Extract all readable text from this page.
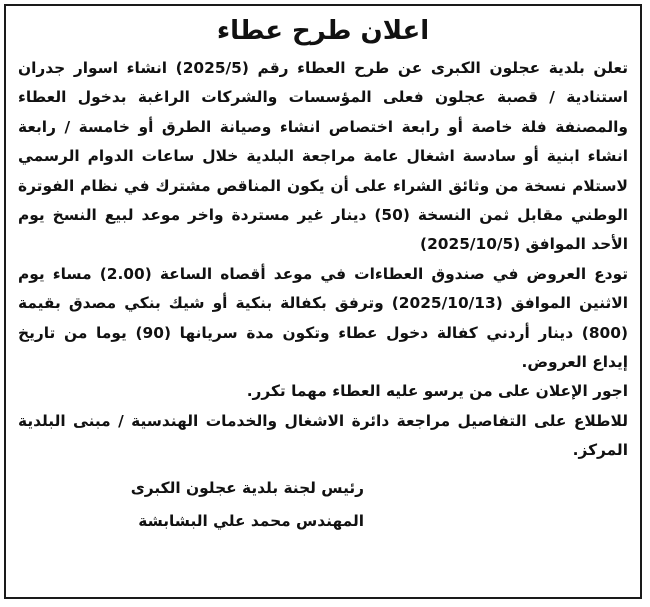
اعلان طرح عطاء

تعلن بلدية عجلون الكبرى عن طرح العطاء رقم (2025/5) انشاء اسوار جدران استنادية / قصبة عجلون فعلى المؤسسات والشركات الراغبة بدخول العطاء والمصنفة فلة خاصة أو رابعة اختصاص انشاء وصيانة الطرق أو خامسة / رابعة انشاء ابنية أو سادسة اشغال عامة مراجعة البلدية خلال ساعات الدوام الرسمي لاستلام نسخة من وثائق الشراء على أن يكون المناقص مشترك في نظام الفوترة الوطني مقابل ثمن النسخة (50) دينار غير مستردة واخر موعد لبيع النسخ يوم الأحد الموافق (2025/10/5)

تودع العروض في صندوق العطاءات في موعد أقصاه الساعة (2.00) مساء يوم الاثنين الموافق (2025/10/13) وترفق بكفالة بنكية أو شيك بنكي مصدق بقيمة (800) دينار أردني كفالة دخول عطاء وتكون مدة سريانها (90) يوما من تاريخ إيداع العروض.

اجور الإعلان على من يرسو عليه العطاء مهما تكرر.

للاطلاع على التفاصيل مراجعة دائرة الاشغال والخدمات الهندسية / مبنى البلدية المركز.

رئيس لجنة بلدية عجلون الكبرى
المهندس محمد علي البشابشة
